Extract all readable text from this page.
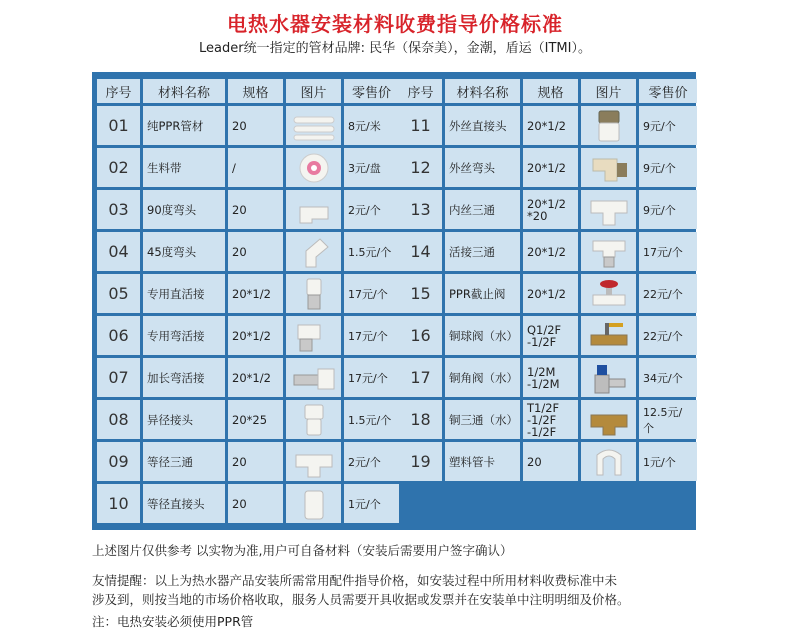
电热水器安装材料收费指导价格标准
Leader统一指定的管材品牌: 民华（保奈美），金潮，盾运（ITMI）。
序号	材料名称	规格	图片	零售价
01	纯PPR管材	20		8元/米
02	生料带	/		3元/盘
03	90度弯头	20		2元/个
04	45度弯头	20		1.5元/个
05	专用直活接	20*1/2		17元/个
06	专用弯活接	20*1/2		17元/个
07	加长弯活接	20*1/2		17元/个
08	异径接头	20*25		1.5元/个
09	等径三通	20		2元/个
10	等径直接头	20		1元/个
序号	材料名称	规格	图片	零售价
11	外丝直接头	20*1/2		9元/个
12	外丝弯头	20*1/2		9元/个
13	内丝三通	20*1/2
*20		9元/个
14	活接三通	20*1/2		17元/个
15	PPR截止阀	20*1/2		22元/个
16	铜球阀（水）	Q1/2F
-1/2F		22元/个
17	铜角阀（水）	1/2M
-1/2M		34元/个
18	铜三通（水）	T1/2F
-1/2F
-1/2F		12.5元/个
19	塑料管卡	20		1元/个
上述图片仅供参考 以实物为准,用户可自备材料（安装后需要用户签字确认）
友情提醒：以上为热水器产品安装所需常用配件指导价格，如安装过程中所用材料收费标准中未
涉及到，则按当地的市场价格收取，服务人员需要开具收据或发票并在安装单中注明明细及价格。
注：电热安装必须使用PPR管
